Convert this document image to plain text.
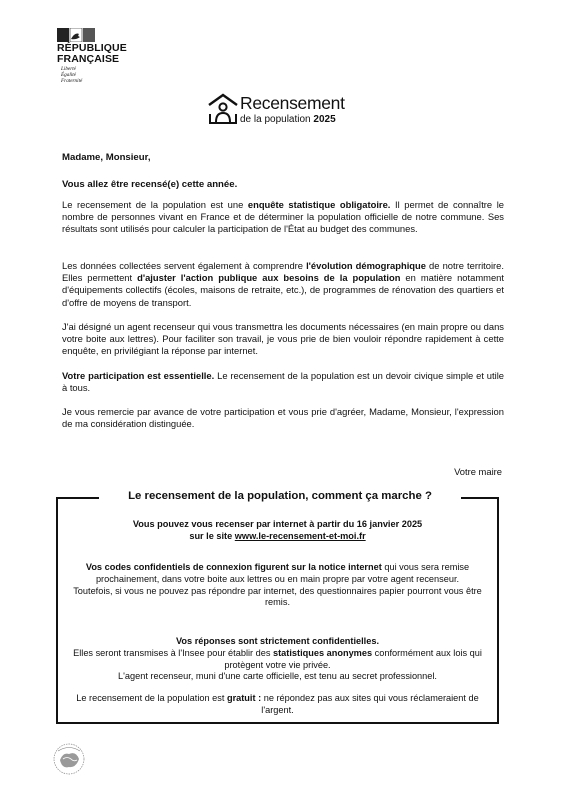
RÉPUBLIQUE
FRANÇAISE
Liberté
Égalité
Fraternité
Recensement
de la population 2025
Madame, Monsieur,
Vous allez être recensé(e) cette année.

Le recensement de la population est une enquête statistique obligatoire. Il permet de connaître le nombre de personnes vivant en France et de déterminer la population officielle de notre commune. Ses résultats sont utilisés pour calculer la participation de l'État au budget des communes.

Les données collectées servent également à comprendre l'évolution démographique de notre territoire. Elles permettent d'ajuster l'action publique aux besoins de la population en matière notamment d'équipements collectifs (écoles, maisons de retraite, etc.), de programmes de rénovation des quartiers et d'offre de moyens de transport.

J'ai désigné un agent recenseur qui vous transmettra les documents nécessaires (en main propre ou dans votre boite aux lettres). Pour faciliter son travail, je vous prie de bien vouloir répondre rapidement à cette enquête, en privilégiant la réponse par internet.

Votre participation est essentielle. Le recensement de la population est un devoir civique simple et utile à tous.

Je vous remercie par avance de votre participation et vous prie d'agréer, Madame, Monsieur, l'expression de ma considération distinguée.
Votre maire
Le recensement de la population, comment ça marche ?

Vous pouvez vous recenser par internet à partir du 16 janvier 2025

sur le site www.le-recensement-et-moi.fr

Vos codes confidentiels de connexion figurent sur la notice internet qui vous sera remise prochainement, dans votre boite aux lettres ou en main propre par votre agent recenseur.

Toutefois, si vous ne pouvez pas répondre par internet, des questionnaires papier pourront vous être remis.

Vos réponses sont strictement confidentielles.

Elles seront transmises à l'Insee pour établir des statistiques anonymes conformément aux lois qui protègent votre vie privée.

L'agent recenseur, muni d'une carte officielle, est tenu au secret professionnel.

Le recensement de la population est gratuit : ne répondez pas aux sites qui vous réclameraient de l'argent.
